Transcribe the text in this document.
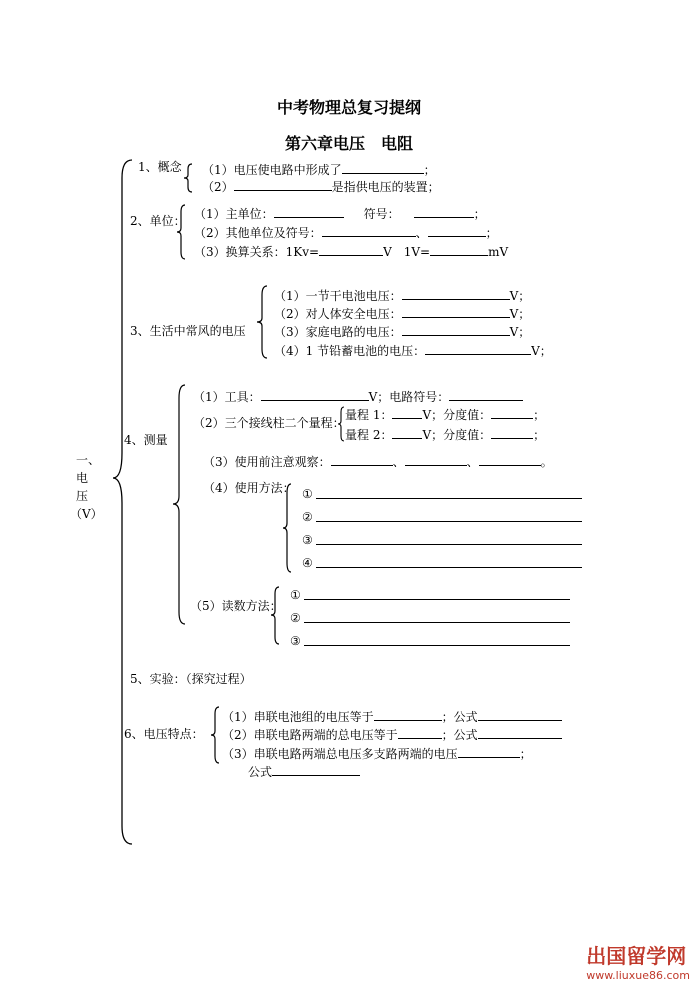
中考物理总复习提纲
第六章电压　电阻
一、
电
压
（V）
1、概念 （1）电压使电路中形成了	；
（2）	是指供电压的装置；
2、单位： （1）主单位：	符号：	；
（2）其他单位及符号：	、	；
（3）换算关系：1Kv=	V　1V=	mV
3、生活中常风的电压
（1）一节干电池电压：	V；
（2）对人体安全电压：	V；
（3）家庭电路的电压：	V；
（4）1 节铅蓄电池的电压：	V；
4、测量
（1）工具：	V；电路符号：
（2）三个接线柱二个量程：
量程 1：	V；分度值：	；
量程 2：	V；分度值：	；
（3）使用前注意观察：	、	、	。
（4）使用方法： ①
②
③
④
（5）读数方法：
①
②
③
5、实验：（探究过程）
6、电压特点：
（1）串联电池组的电压等于	；公式
（2）串联电路两端的总电压等于	；公式
（3）串联电路两端总电压多支路两端的电压	；
公式
出国留学网
www.liuxue86.com
